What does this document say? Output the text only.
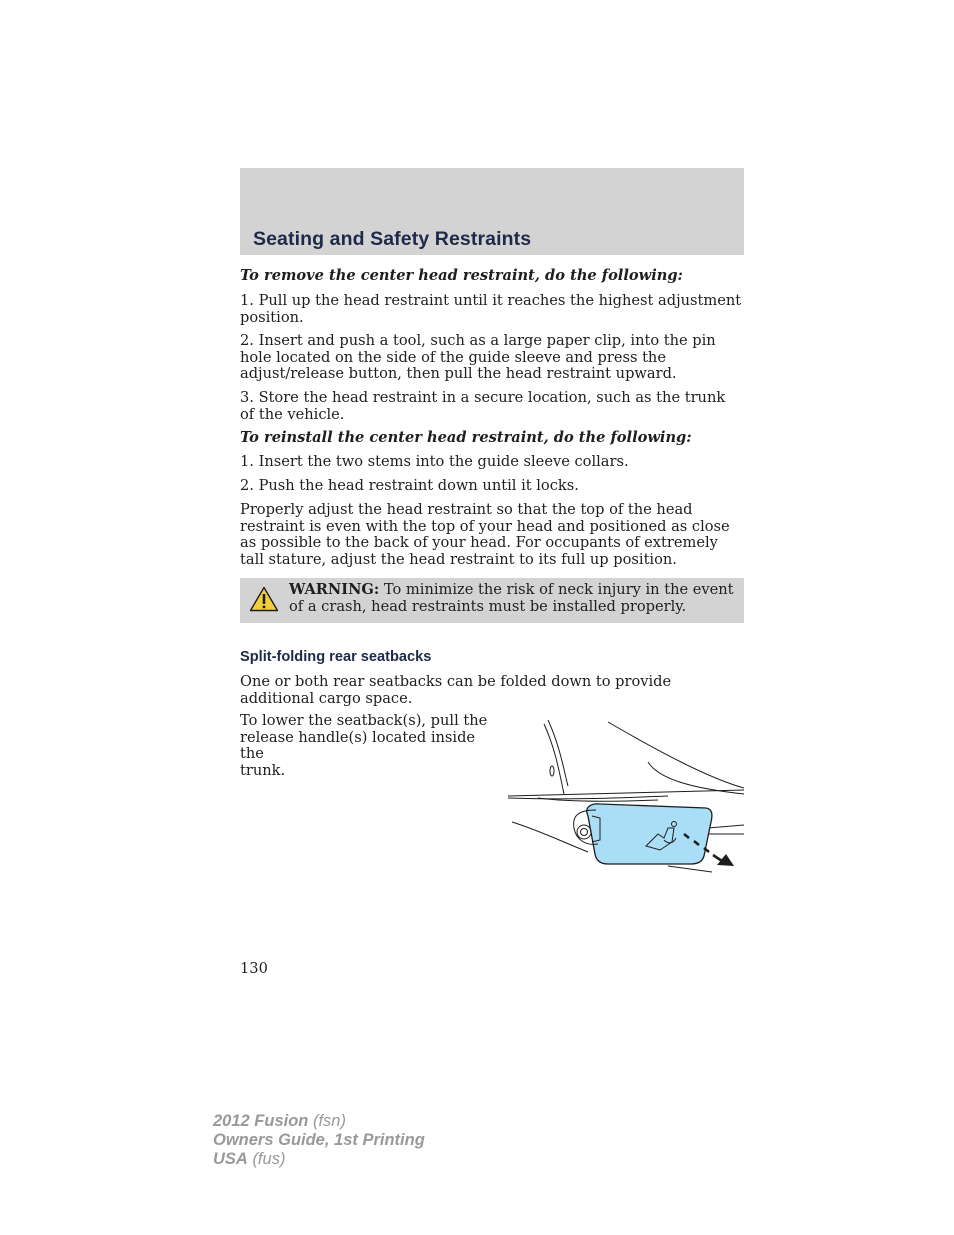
Seating and Safety Restraints

To remove the center head restraint, do the following:

1. Pull up the head restraint until it reaches the highest adjustment position.

2. Insert and push a tool, such as a large paper clip, into the pin hole located on the side of the guide sleeve and press the adjust/release button, then pull the head restraint upward.

3. Store the head restraint in a secure location, such as the trunk of the vehicle.

To reinstall the center head restraint, do the following:

1. Insert the two stems into the guide sleeve collars.

2. Push the head restraint down until it locks.

Properly adjust the head restraint so that the top of the head restraint is even with the top of your head and positioned as close as possible to the back of your head. For occupants of extremely tall stature, adjust the head restraint to its full up position.

WARNING: To minimize the risk of neck injury in the event of a crash, head restraints must be installed properly.

Split-folding rear seatbacks

One or both rear seatbacks can be folded down to provide additional cargo space.

To lower the seatback(s), pull the
release handle(s) located inside the
trunk.

130
2012 Fusion (fsn)
Owners Guide, 1st Printing
USA (fus)
